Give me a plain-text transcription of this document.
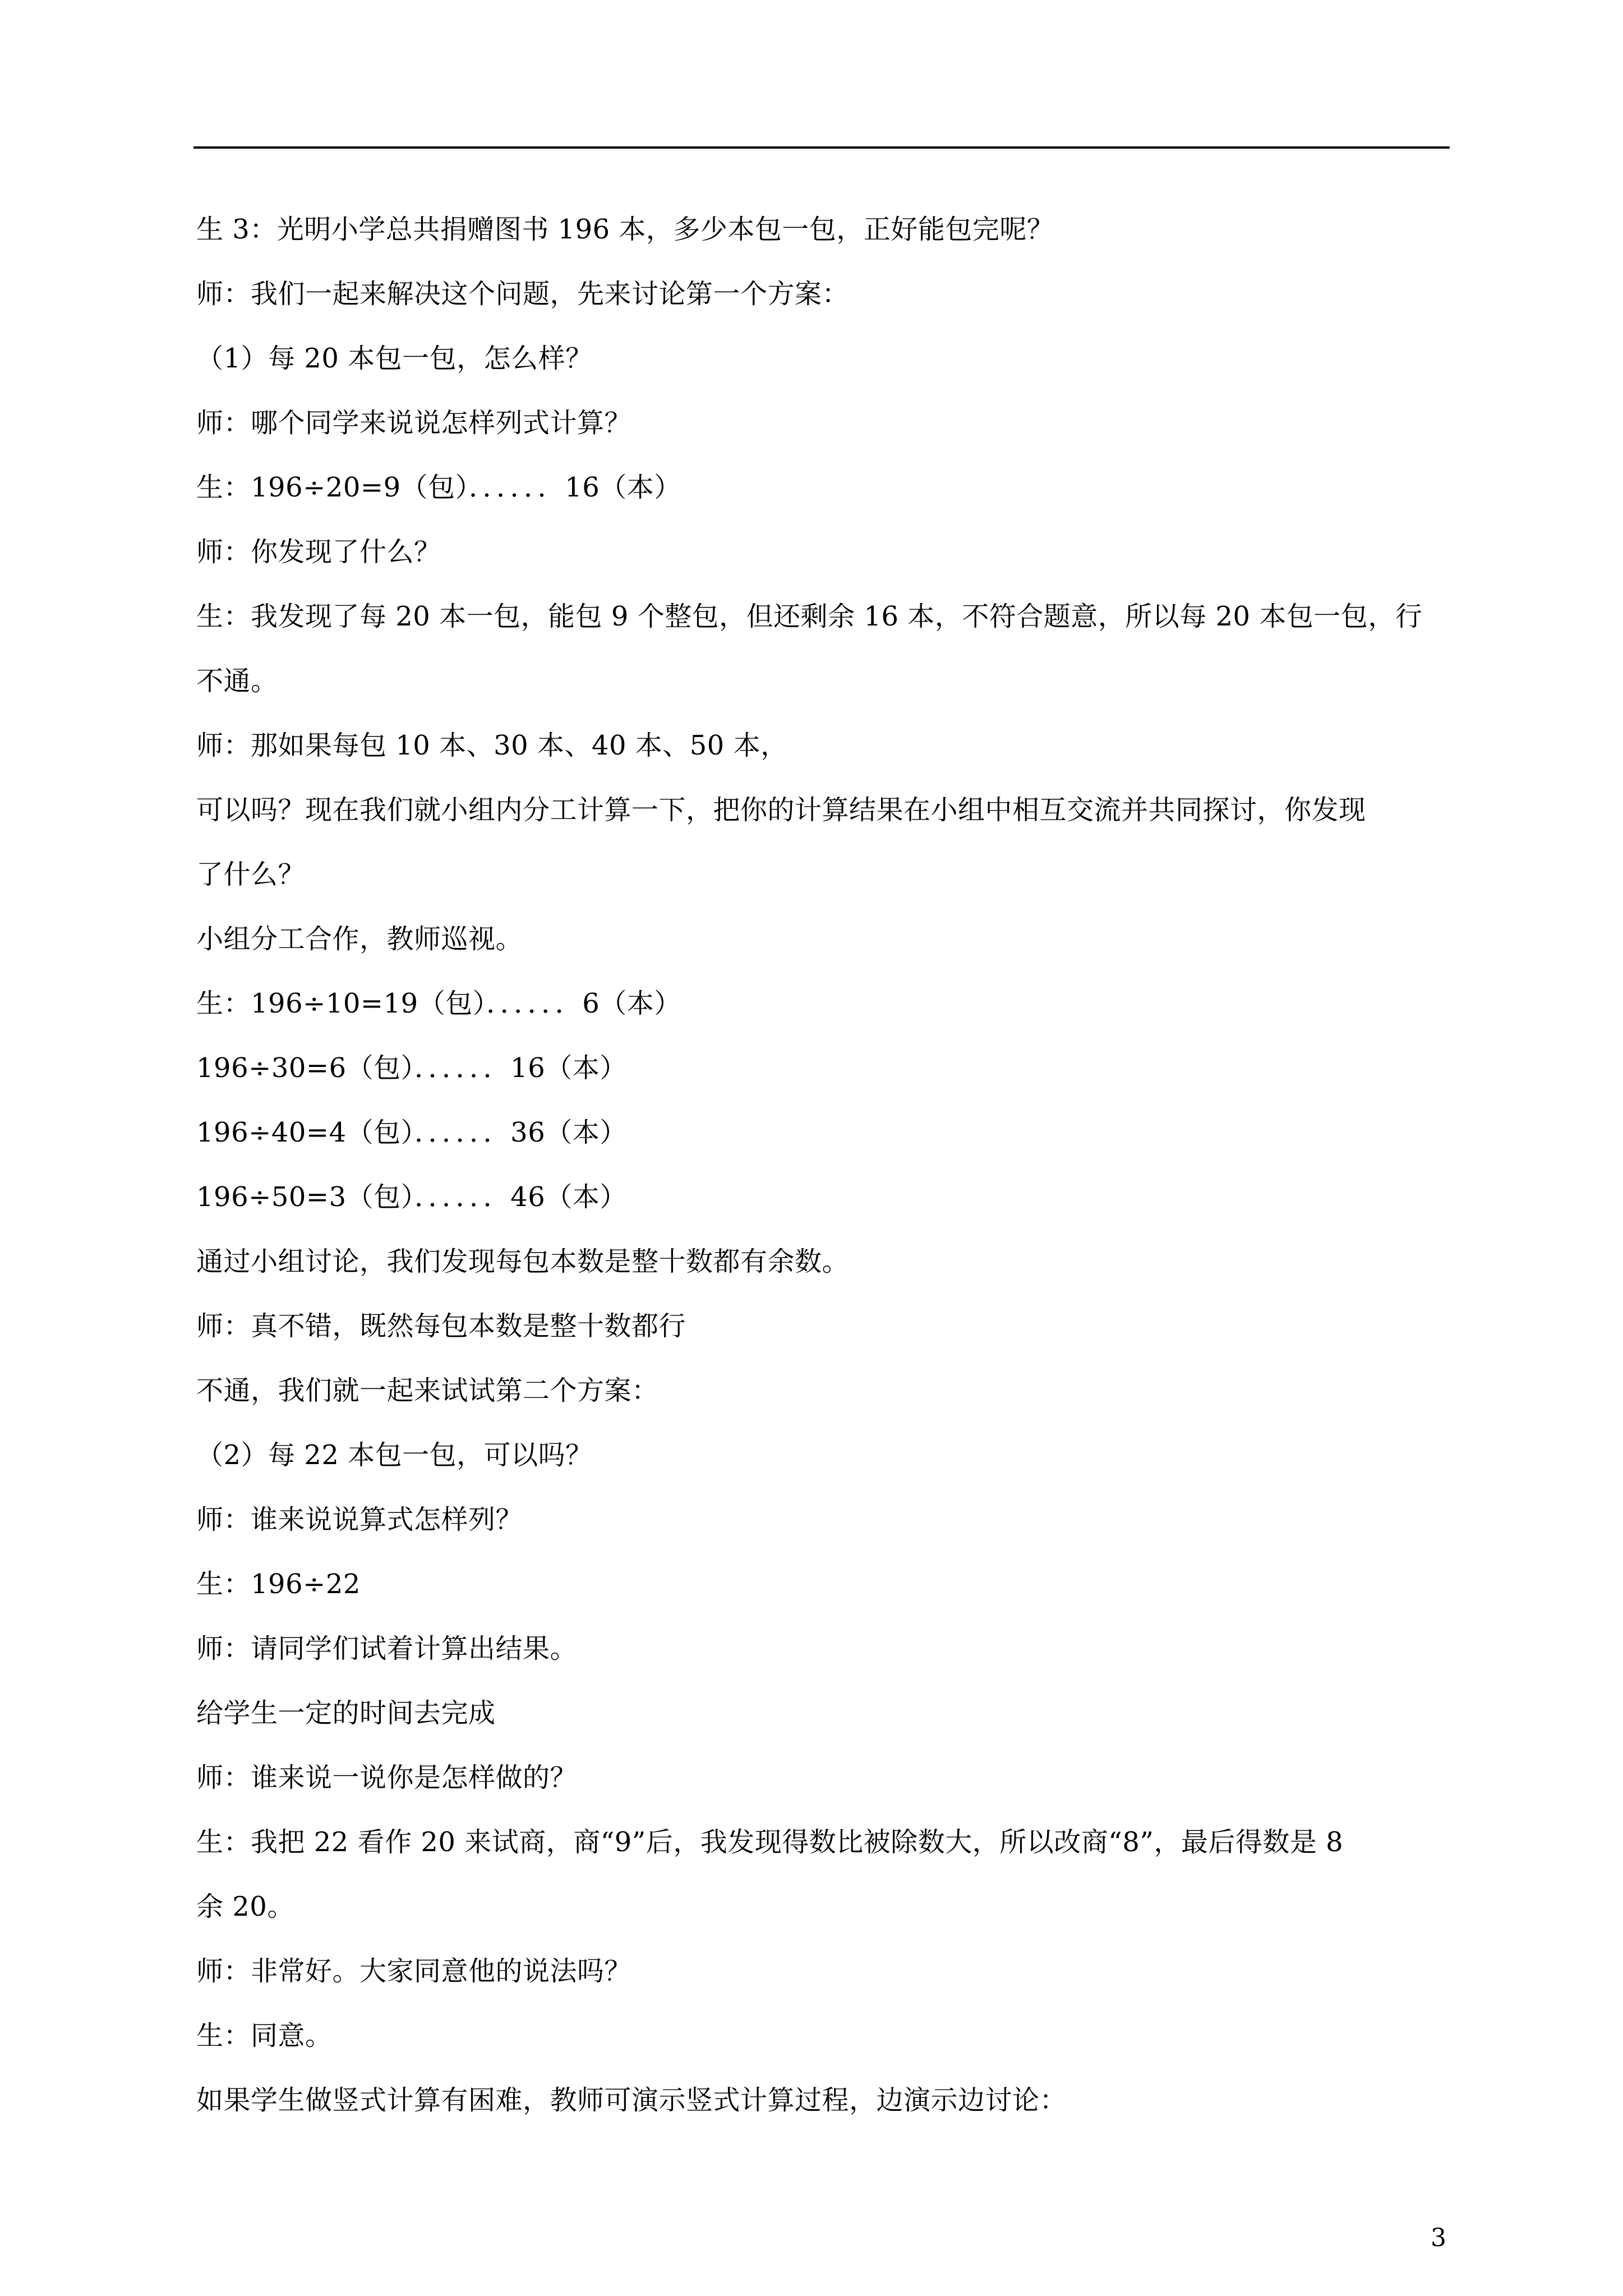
生 3：光明小学总共捐赠图书 196 本，多少本包一包，正好能包完呢？
师：我们一起来解决这个问题，先来讨论第一个方案：
（1）每 20 本包一包，怎么样？
师：哪个同学来说说怎样列式计算？
生：196÷20=9（包）．．．．．．16（本）
师：你发现了什么？
生：我发现了每 20 本一包，能包 9 个整包，但还剩余 16 本，不符合题意，所以每 20 本包一包，行
不通。
师：那如果每包 10 本、30 本、40 本、50 本，
可以吗？现在我们就小组内分工计算一下，把你的计算结果在小组中相互交流并共同探讨，你发现
了什么？
小组分工合作，教师巡视。
生：196÷10=19（包）．．．．．．6（本）
196÷30=6（包）．．．．．．16（本）
196÷40=4（包）．．．．．．36（本）
196÷50=3（包）．．．．．．46（本）
通过小组讨论，我们发现每包本数是整十数都有余数。
师：真不错，既然每包本数是整十数都行
不通，我们就一起来试试第二个方案：
（2）每 22 本包一包，可以吗？
师：谁来说说算式怎样列？
生：196÷22
师：请同学们试着计算出结果。
给学生一定的时间去完成
师：谁来说一说你是怎样做的？
生：我把 22 看作 20 来试商，商“9”后，我发现得数比被除数大，所以改商“8”，最后得数是 8
余 20。
师：非常好。大家同意他的说法吗？
生：同意。
如果学生做竖式计算有困难，教师可演示竖式计算过程，边演示边讨论：
3
